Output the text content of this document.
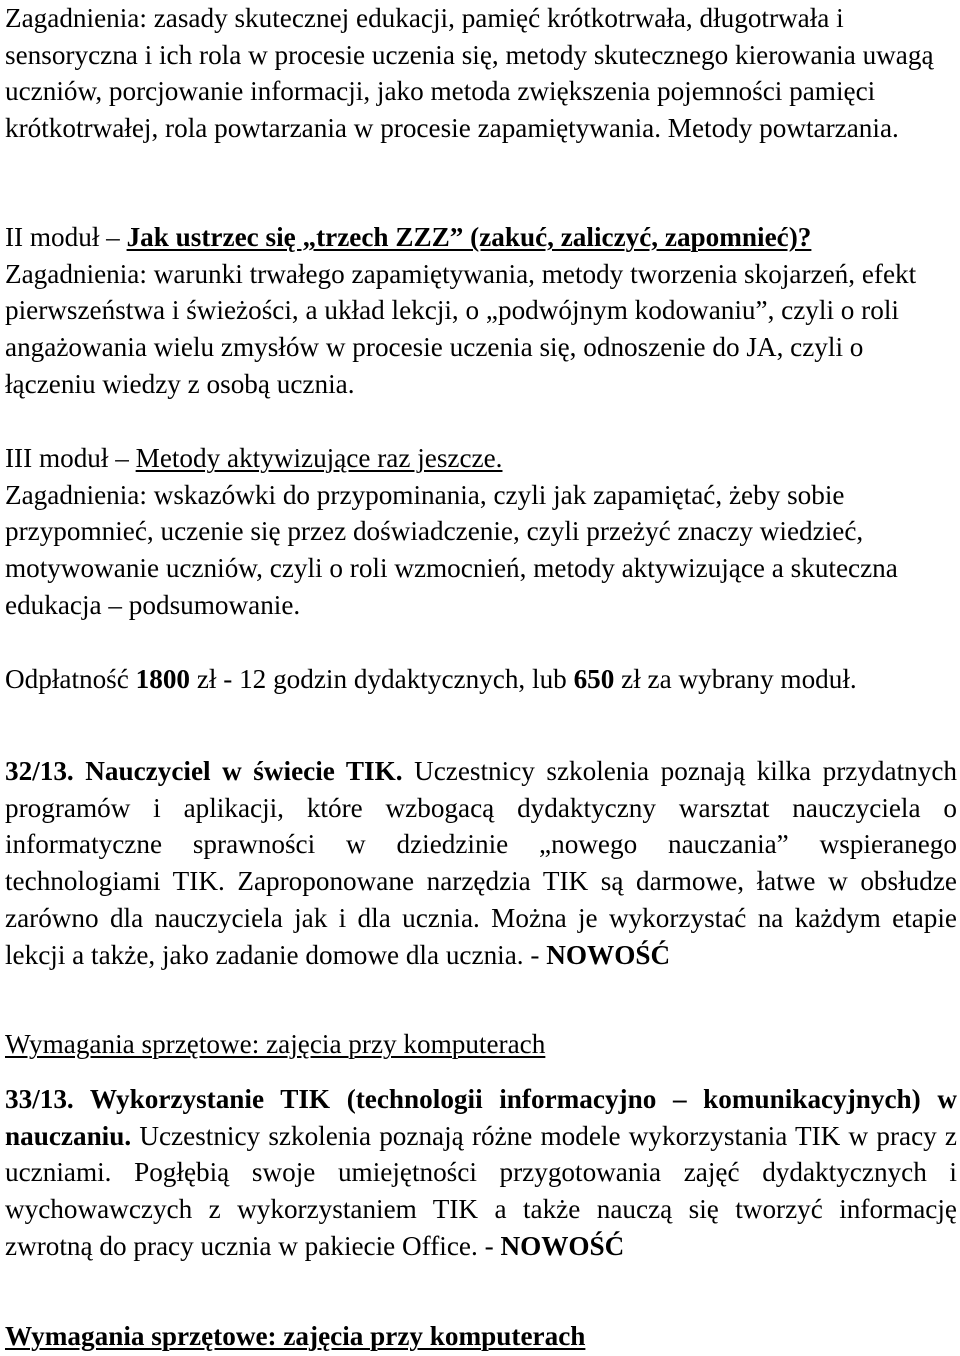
Zagadnienia: zasady skutecznej edukacji, pamięć krótkotrwała, długotrwała i sensoryczna i ich rola w procesie uczenia się, metody skutecznego kierowania uwagą uczniów, porcjowanie informacji, jako metoda zwiększenia pojemności pamięci krótkotrwałej, rola powtarzania w procesie zapamiętywania. Metody powtarzania.

II moduł – Jak ustrzec się „trzech ZZZ” (zakuć, zaliczyć, zapomnieć)?
Zagadnienia: warunki trwałego zapamiętywania, metody tworzenia skojarzeń, efekt pierwszeństwa i świeżości, a układ lekcji, o „podwójnym kodowaniu”, czyli o roli angażowania wielu zmysłów w procesie uczenia się, odnoszenie do JA, czyli o łączeniu wiedzy z osobą ucznia.
III moduł – Metody aktywizujące raz jeszcze.
Zagadnienia: wskazówki do przypominania, czyli jak zapamiętać, żeby sobie przypomnieć, uczenie się przez doświadczenie, czyli przeżyć znaczy wiedzieć, motywowanie uczniów, czyli o roli wzmocnień, metody aktywizujące a skuteczna edukacja – podsumowanie.

Odpłatność 1800 zł - 12 godzin dydaktycznych, lub 650 zł za wybrany moduł.

32/13. Nauczyciel w świecie TIK. Uczestnicy szkolenia poznają kilka przydatnych programów i aplikacji, które wzbogacą dydaktyczny warsztat nauczyciela o informatyczne sprawności w dziedzinie „nowego nauczania” wspieranego technologiami TIK. Zaproponowane narzędzia TIK są darmowe, łatwe w obsłudze zarówno dla nauczyciela jak i dla ucznia. Można je wykorzystać na każdym etapie lekcji a także, jako zadanie domowe dla ucznia. - NOWOŚĆ

Wymagania sprzętowe: zajęcia przy komputerach

33/13. Wykorzystanie TIK (technologii informacyjno – komunikacyjnych) w nauczaniu. Uczestnicy szkolenia poznają różne modele wykorzystania TIK w pracy z uczniami. Pogłębią swoje umiejętności przygotowania zajęć dydaktycznych i wychowawczych z wykorzystaniem TIK a także nauczą się tworzyć informację zwrotną do pracy ucznia w pakiecie Office. - NOWOŚĆ

Wymagania sprzętowe: zajęcia przy komputerach
